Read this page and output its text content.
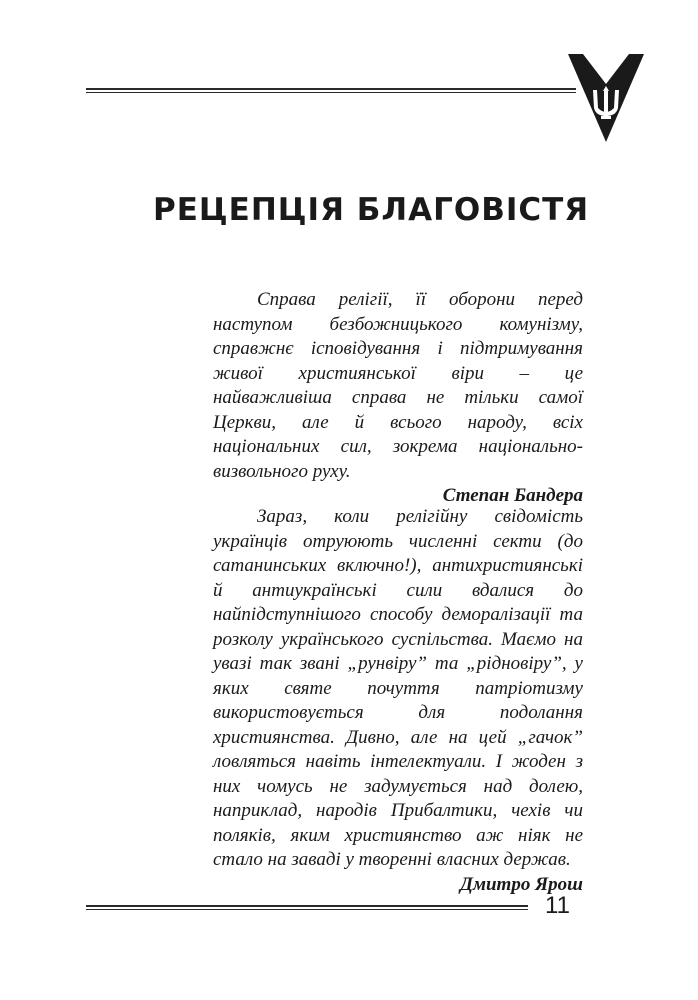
РЕЦЕПЦІЯ БЛАГОВІСТЯ

Справа релігії, її оборони перед наступом безбожницького комунізму, справжнє ісповідування і підтримування живої християнської віри – це найважливіша справа не тільки самої Церкви, але й всього народу, всіх національних сил, зокрема національно-визвольного руху.

Степан Бандера

Зараз, коли релігійну свідомість українців отруюють численні секти (до сатанинських включно!), антихристиянські й антиукраїнські сили вдалися до найпідступнішого способу деморалізації та розколу українського суспільства. Маємо на увазі так звані „рунвіру” та „рідновіру”, у яких святе почуття патріотизму використовується для подолання християнства. Дивно, але на цей „гачок” ловляться навіть інтелектуали. І жоден з них чомусь не задумується над долею, наприклад, народів Прибалтики, чехів чи поляків, яким християнство аж ніяк не стало на заваді у творенні власних держав.

Дмитро Ярош
11
